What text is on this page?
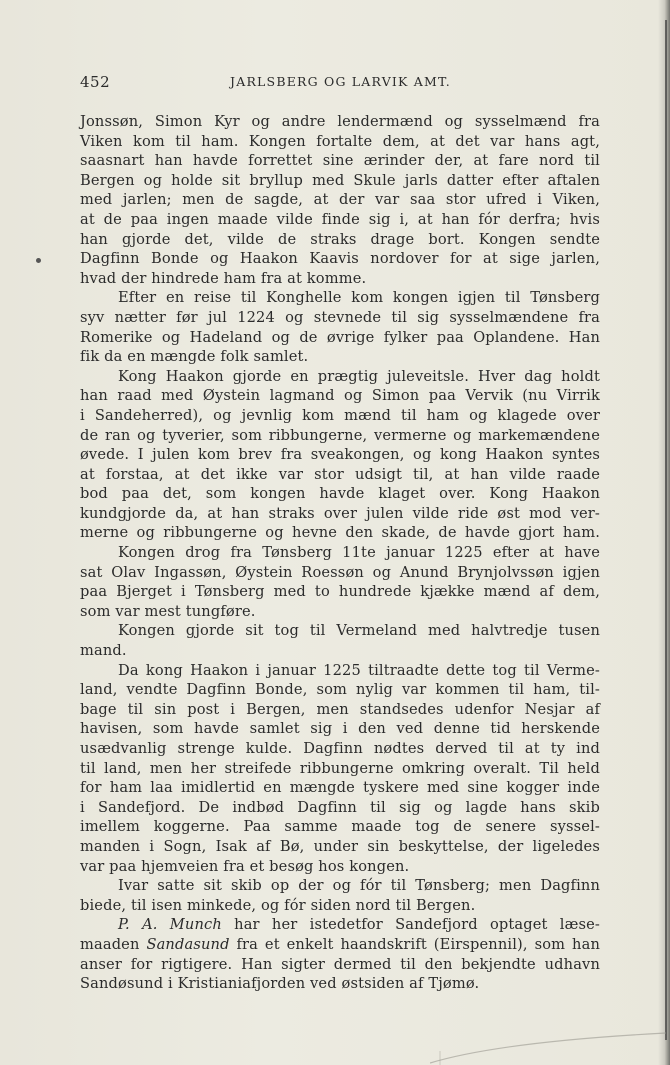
452	JARLSBERG OG LARVIK AMT.
Jonssøn, Simon Kyr og andre lendermænd og sysselmænd fra
Viken kom til ham. Kongen fortalte dem, at det var hans agt,
saasnart han havde forrettet sine ærinder der, at fare nord til
Bergen og holde sit bryllup med Skule jarls datter efter aftalen
med jarlen; men de sagde, at der var saa stor ufred i Viken,
at de paa ingen maade vilde finde sig i, at han fór derfra; hvis
han gjorde det, vilde de straks drage bort. Kongen sendte
Dagfinn Bonde og Haakon Kaavis nordover for at sige jarlen,
hvad der hindrede ham fra at komme.
Efter en reise til Konghelle kom kongen igjen til Tønsberg
syv nætter før jul 1224 og stevnede til sig sysselmændene fra
Romerike og Hadeland og de øvrige fylker paa Oplandene. Han
fik da en mængde folk samlet.
Kong Haakon gjorde en prægtig juleveitsle. Hver dag holdt
han raad med Øystein lagmand og Simon paa Vervik (nu Virrik
i Sandeherred), og jevnlig kom mænd til ham og klagede over
de ran og tyverier, som ribbungerne, vermerne og markemændene
øvede. I julen kom brev fra sveakongen, og kong Haakon syntes
at forstaa, at det ikke var stor udsigt til, at han vilde raade
bod paa det, som kongen havde klaget over. Kong Haakon
kundgjorde da, at han straks over julen vilde ride øst mod ver-
merne og ribbungerne og hevne den skade, de havde gjort ham.
Kongen drog fra Tønsberg 11te januar 1225 efter at have
sat Olav Ingassøn, Øystein Roessøn og Anund Brynjolvssøn igjen
paa Bjerget i Tønsberg med to hundrede kjække mænd af dem,
som var mest tungføre.
Kongen gjorde sit tog til Vermeland med halvtredje tusen
mand.
Da kong Haakon i januar 1225 tiltraadte dette tog til Verme-
land, vendte Dagfinn Bonde, som nylig var kommen til ham, til-
bage til sin post i Bergen, men standsedes udenfor Nesjar af
havisen, som havde samlet sig i den ved denne tid herskende
usædvanlig strenge kulde. Dagfinn nødtes derved til at ty ind
til land, men her streifede ribbungerne omkring overalt. Til held
for ham laa imidlertid en mængde tyskere med sine kogger inde
i Sandefjord. De indbød Dagfinn til sig og lagde hans skib
imellem koggerne. Paa samme maade tog de senere syssel-
manden i Sogn, Isak af Bø, under sin beskyttelse, der ligeledes
var paa hjemveien fra et besøg hos kongen.
Ivar satte sit skib op der og fór til Tønsberg; men Dagfinn
biede, til isen minkede, og fór siden nord til Bergen.
P. A. Munch har her istedetfor Sandefjord optaget læse-
maaden Sandasund fra et enkelt haandskrift (Eirspennil), som han
anser for rigtigere. Han sigter dermed til den bekjendte udhavn
Sandøsund i Kristianiafjorden ved østsiden af Tjømø.
